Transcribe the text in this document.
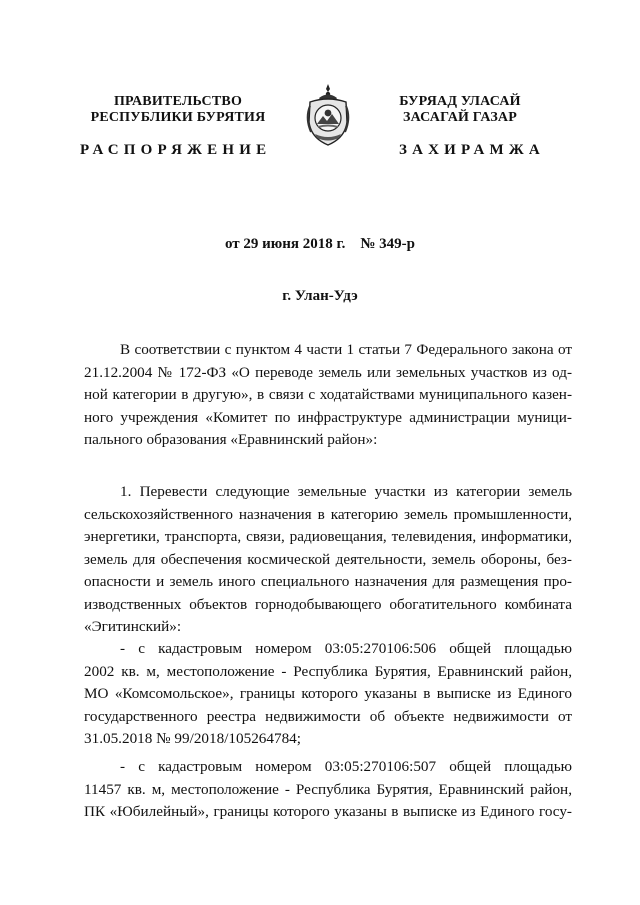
ПРАВИТЕЛЬСТВО
РЕСПУБЛИКИ БУРЯТИЯ
БУРЯАД УЛАСАЙ
ЗАСАГАЙ ГАЗАР
РАСПОРЯЖЕНИЕ	ЗАХИРАМЖА
от 29 июня 2018 г.    № 349-р
г. Улан-Удэ
В соответствии с пунктом 4 части 1 статьи 7 Федерального закона от
21.12.2004 № 172-ФЗ «О переводе земель или земельных участков из од-
ной категории в другую», в связи с ходатайствами муниципального казен-
ного учреждения «Комитет по инфраструктуре администрации муници-
пального образования «Еравнинский район»:
1. Перевести следующие земельные участки из категории земель
сельскохозяйственного назначения в категорию земель промышленности,
энергетики, транспорта, связи, радиовещания, телевидения, информатики,
земель для обеспечения космической деятельности, земель обороны, без-
опасности и земель иного специального назначения для размещения про-
изводственных объектов горнодобывающего обогатительного комбината
«Эгитинский»:
- с кадастровым номером 03:05:270106:506 общей площадью
2002 кв. м, местоположение - Республика Бурятия, Еравнинский район,
МО «Комсомольское», границы которого указаны в выписке из Единого
государственного реестра недвижимости об объекте недвижимости от
31.05.2018 № 99/2018/105264784;
- с кадастровым номером 03:05:270106:507 общей площадью
11457 кв. м, местоположение - Республика Бурятия, Еравнинский район,
ПК «Юбилейный», границы которого указаны в выписке из Единого госу-
